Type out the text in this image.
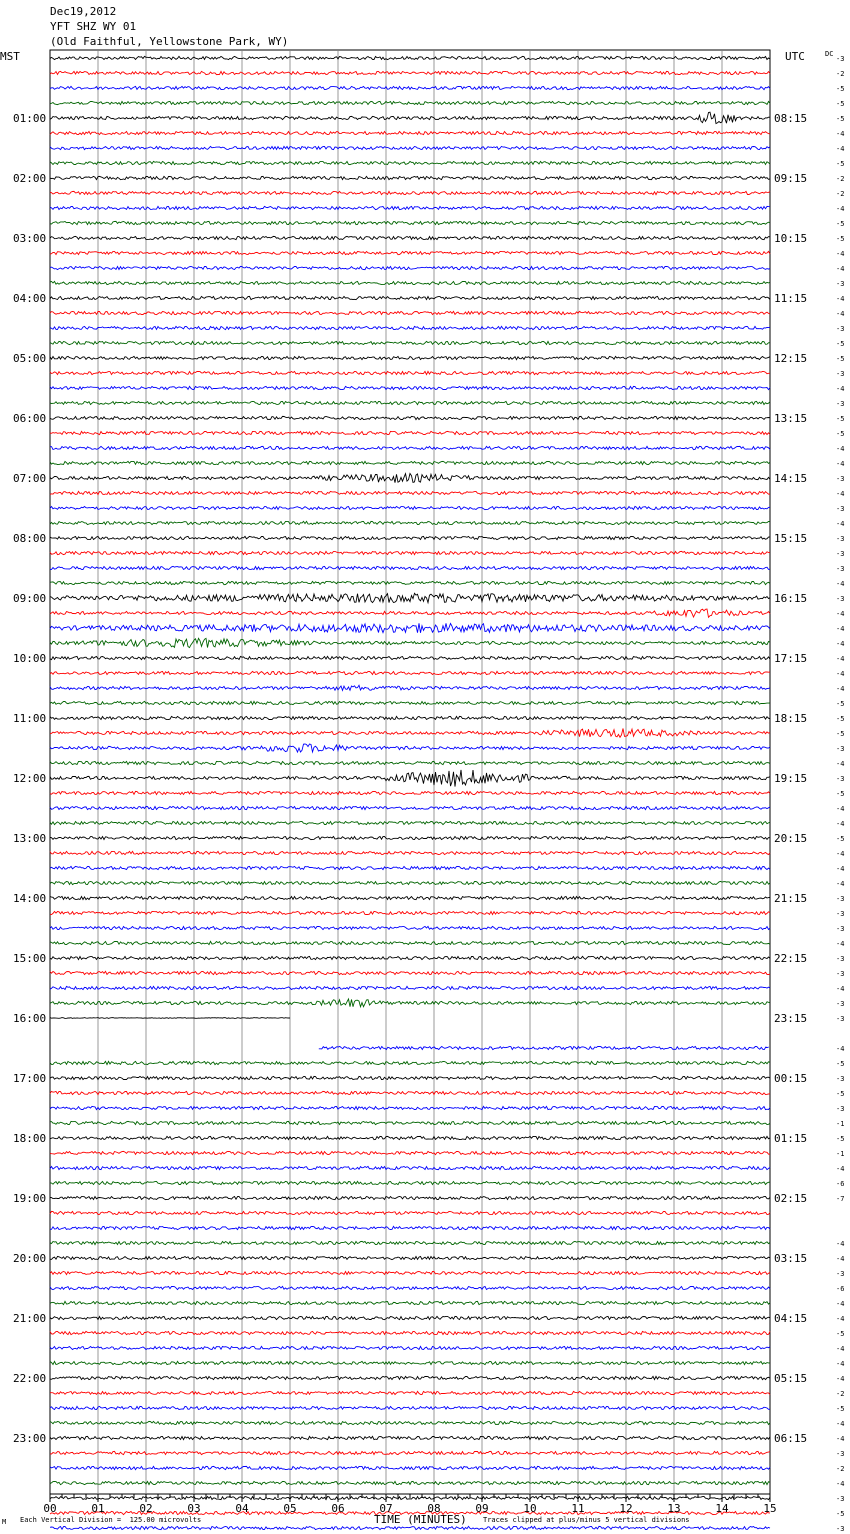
Dec19,2012
YFT SHZ WY 01
(Old Faithful, Yellowstone Park, WY)
MST	UTC	DC
-3
-2
-5
-5
-5
-4
-4
-5
-2
-2
-4
-5
-5
-4
-4
-3
-4
-4
-3
-5
-5
-3
-4
-3
-5
-5
-4
-4
-3
-4
-3
-4
-3
-3
-3
-4
-3
-4
-4
-4
-4
-4
-4
-5
-5
-5
-3
-4
-3
-5
-4
-4
-5
-4
-4
-4
-3
-3
-3
-4
-3
-3
-4
-3
-3
-4
-5
-3
-5
-3
-1
-5
-1
-4
-6
-7
-4
-4
-3
-6
-4
-4
-5
-4
-4
-4
-2
-5
-4
-4
-3
-2
-4
-3
-5
-3
01:00
02:00
03:00
04:00
05:00
06:00
07:00
08:00
09:00
10:00
11:00
12:00
13:00
14:00
15:00
16:00
17:00
18:00
19:00
20:00
21:00
22:00
23:00
08:15
09:15
10:15
11:15
12:15
13:15
14:15
15:15
16:15
17:15
18:15
19:15
20:15
21:15
22:15
23:15
00:15
01:15
02:15
03:15
04:15
05:15
06:15
00	01	02	03	04	05	06	07	08	09	10	11	12	13	14	15
M Each Vertical Division =  125.00 microvolts	TIME (MINUTES) Traces clipped at plus/minus 5 vertical divisions
